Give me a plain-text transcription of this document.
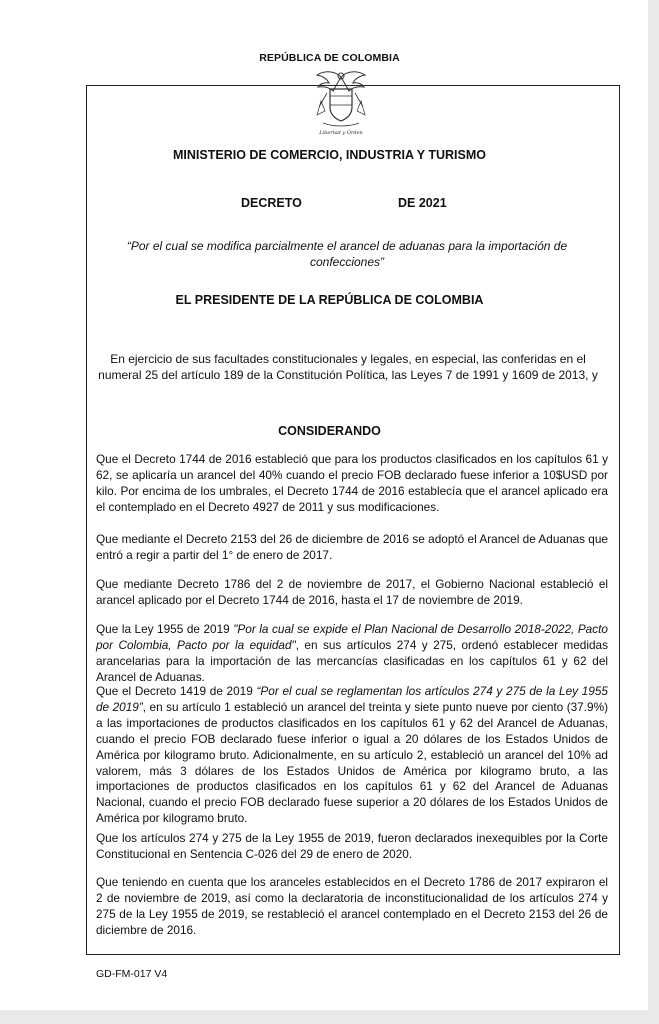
REPÚBLICA DE COLOMBIA
Libertad y Orden
MINISTERIO DE COMERCIO, INDUSTRIA Y TURISMO
DECRETO	DE 2021
“Por el cual se modifica parcialmente el arancel de aduanas para la importación de confecciones”
EL PRESIDENTE DE LA REPÚBLICA DE COLOMBIA
En ejercicio de sus facultades constitucionales y legales, en especial, las conferidas en el numeral 25 del artículo 189 de la Constitución Política, las Leyes 7 de 1991 y 1609 de 2013, y
CONSIDERANDO
Que el Decreto 1744 de 2016 estableció que para los productos clasificados en los capítulos 61 y 62, se aplicaría un arancel del 40% cuando el precio FOB declarado fuese inferior a 10$USD por kilo. Por encima de los umbrales, el Decreto 1744 de 2016 establecía que el arancel aplicado era el contemplado en el Decreto 4927 de 2011 y sus modificaciones.
Que mediante el Decreto 2153 del 26 de diciembre de 2016 se adoptó el Arancel de Aduanas que entró a regir a partir del 1° de enero de 2017.
Que mediante Decreto 1786 del 2 de noviembre de 2017, el Gobierno Nacional estableció el arancel aplicado por el Decreto 1744 de 2016, hasta el 17 de noviembre de 2019.
Que la Ley 1955 de 2019 "Por la cual se expide el Plan Nacional de Desarrollo 2018-2022, Pacto por Colombia, Pacto por la equidad", en sus artículos 274 y 275, ordenó establecer medidas arancelarias para la importación de las mercancías clasificadas en los capítulos 61 y 62 del Arancel de Aduanas.
Que el Decreto 1419 de 2019 “Por el cual se reglamentan los artículos 274 y 275 de la Ley 1955 de 2019”, en su artículo 1 estableció un arancel del treinta y siete punto nueve por ciento (37.9%) a las importaciones de productos clasificados en los capítulos 61 y 62 del Arancel de Aduanas, cuando el precio FOB declarado fuese inferior o igual a 20 dólares de los Estados Unidos de América por kilogramo bruto. Adicionalmente, en su artículo 2, estableció un arancel del 10% ad valorem, más 3 dólares de los Estados Unidos de América por kilogramo bruto, a las importaciones de productos clasificados en los capítulos 61 y 62 del Arancel de Aduanas Nacional, cuando el precio FOB declarado fuese superior a 20 dólares de los Estados Unidos de América por kilogramo bruto.
Que los artículos 274 y 275 de la Ley 1955 de 2019, fueron declarados inexequibles por la Corte Constitucional en Sentencia C-026 del 29 de enero de 2020.
Que teniendo en cuenta que los aranceles establecidos en el Decreto 1786 de 2017 expiraron el 2 de noviembre de 2019, así como la declaratoria de inconstitucionalidad de los artículos 274 y 275 de la Ley 1955 de 2019, se restableció el arancel contemplado en el Decreto 2153 del 26 de diciembre de 2016.
GD-FM-017 V4
